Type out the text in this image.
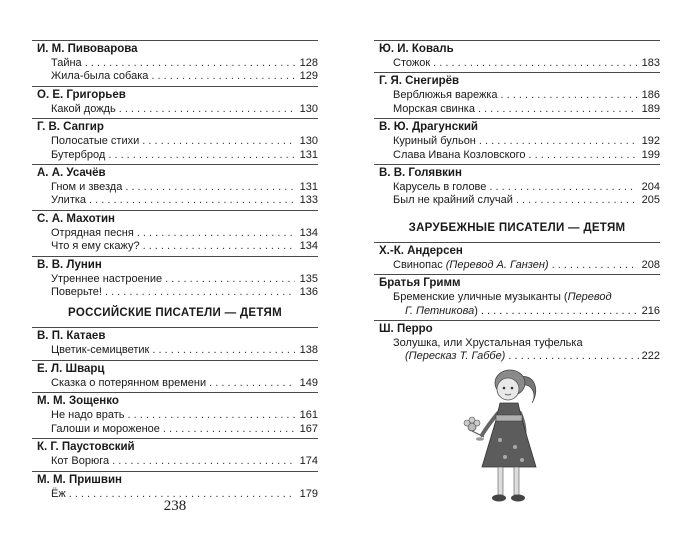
И. М. Пивоварова
Тайна . . .	128
Жила-была собака . . .	129
О. Е. Григорьев
Какой дождь . . .	130
Г. В. Сапгир
Полосатые стихи . . .	130
Бутерброд . . .	131
А. А. Усачёв
Гном и звезда . . .	131
Улитка . . .	133
С. А. Махотин
Отрядная песня . . .	134
Что я ему скажу? . . .	134
В. В. Лунин
Утреннее настроение . . .	135
Поверьте! . . .	136
РОССИЙСКИЕ ПИСАТЕЛИ — ДЕТЯМ
В. П. Катаев
Цветик-семицветик . . .	138
Е. Л. Шварц
Сказка о потерянном времени . . .	149
М. М. Зощенко
Не надо врать . . .	161
Галоши и мороженое . . .	167
К. Г. Паустовский
Кот Ворюга . . .	174
М. М. Пришвин
Ёж . . .	179
238
Ю. И. Коваль
Стожок . . .	183
Г. Я. Снегирёв
Верблюжья варежка . . .	186
Морская свинка . . .	189
В. Ю. Драгунский
Куриный бульон . . .	192
Слава Ивана Козловского . . .	199
В. В. Голявкин
Карусель в голове . . .	204
Был не крайний случай . . .	205
ЗАРУБЕЖНЫЕ ПИСАТЕЛИ — ДЕТЯМ
Х.-К. Андерсен
Свинопас (Перевод А. Ганзен) . . .	208
Братья Гримм
Бременские уличные музыканты (Перевод
Г. Петникова) . . .	216
Ш. Перро
Золушка, или Хрустальная туфелька
(Пересказ Т. Габбе) . . .	222
